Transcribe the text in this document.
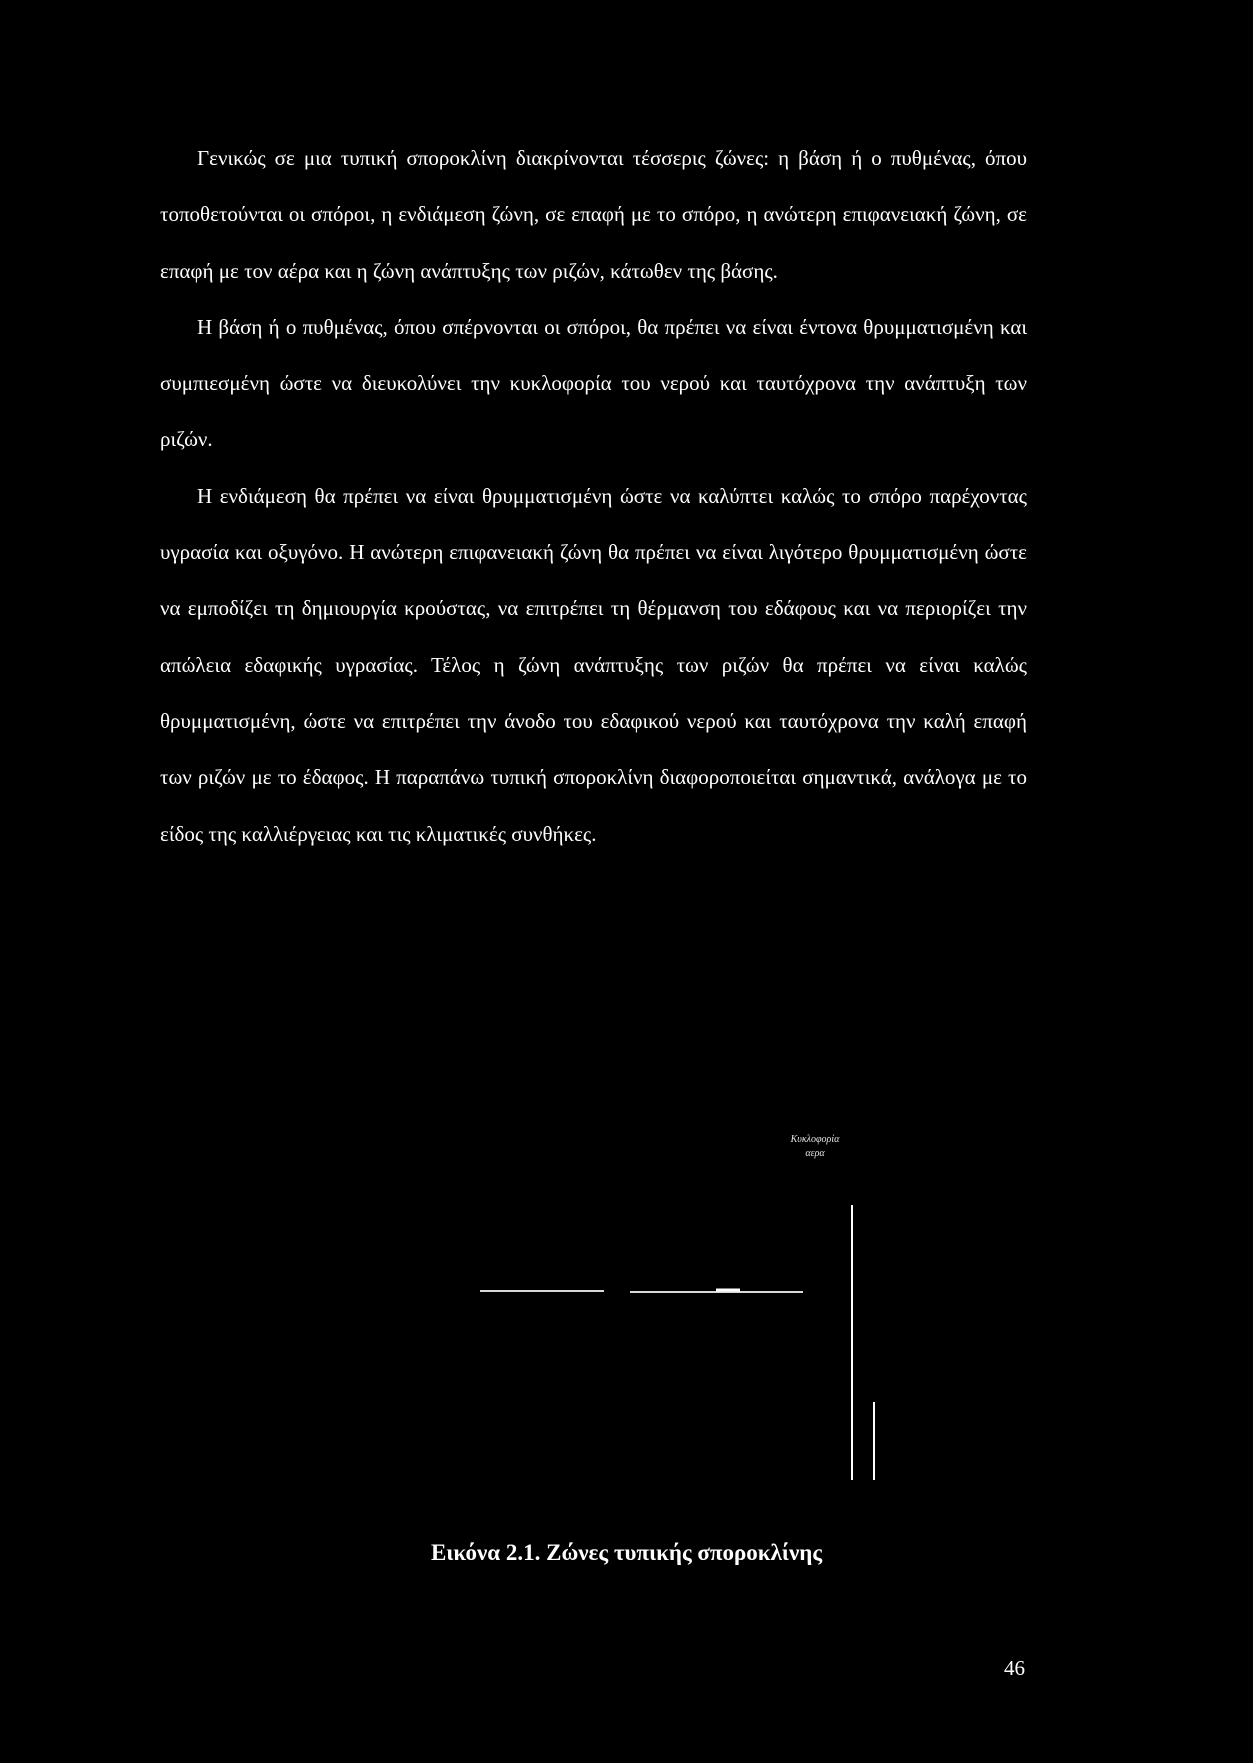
Γενικώς σε μια τυπική σπορoκλίνη διακρίνονται τέσσερις ζώνες: η βάση ή ο πυθμένας, όπου τοποθετούνται οι σπόροι, η ενδιάμεση ζώνη, σε επαφή με το σπόρο, η ανώτερη επιφανειακή ζώνη, σε επαφή με τον αέρα και η ζώνη ανάπτυξης των ριζών, κάτωθεν της βάσης.

Η βάση ή ο πυθμένας, όπου σπέρνονται οι σπόροι, θα πρέπει να είναι έντονα θρυμματισμένη και συμπιεσμένη ώστε να διευκολύνει την κυκλοφορία του νερού και ταυτόχρονα την ανάπτυξη των ριζών.

Η ενδιάμεση θα πρέπει να είναι θρυμματισμένη ώστε να καλύπτει καλώς το σπόρο παρέχοντας υγρασία και οξυγόνο. Η ανώτερη επιφανειακή ζώνη θα πρέπει να είναι λιγότερο θρυμματισμένη ώστε να εμποδίζει τη δημιουργία κρούστας, να επιτρέπει τη θέρμανση του εδάφους και να περιορίζει την απώλεια εδαφικής υγρασίας. Τέλος η ζώνη ανάπτυξης των ριζών θα πρέπει να είναι καλώς θρυμματισμένη, ώστε να επιτρέπει την άνοδο του εδαφικού νερού και ταυτόχρονα την καλή επαφή των ριζών με το έδαφος. Η παραπάνω τυπική σπορoκλίνη διαφοροποιείται σημαντικά, ανάλογα με το είδος της καλλιέργειας και τις κλιματικές συνθήκες.

Κυκλοφορία
αερα
Εικόνα 2.1. Ζώνες τυπικής σπορoκλίνης
46
